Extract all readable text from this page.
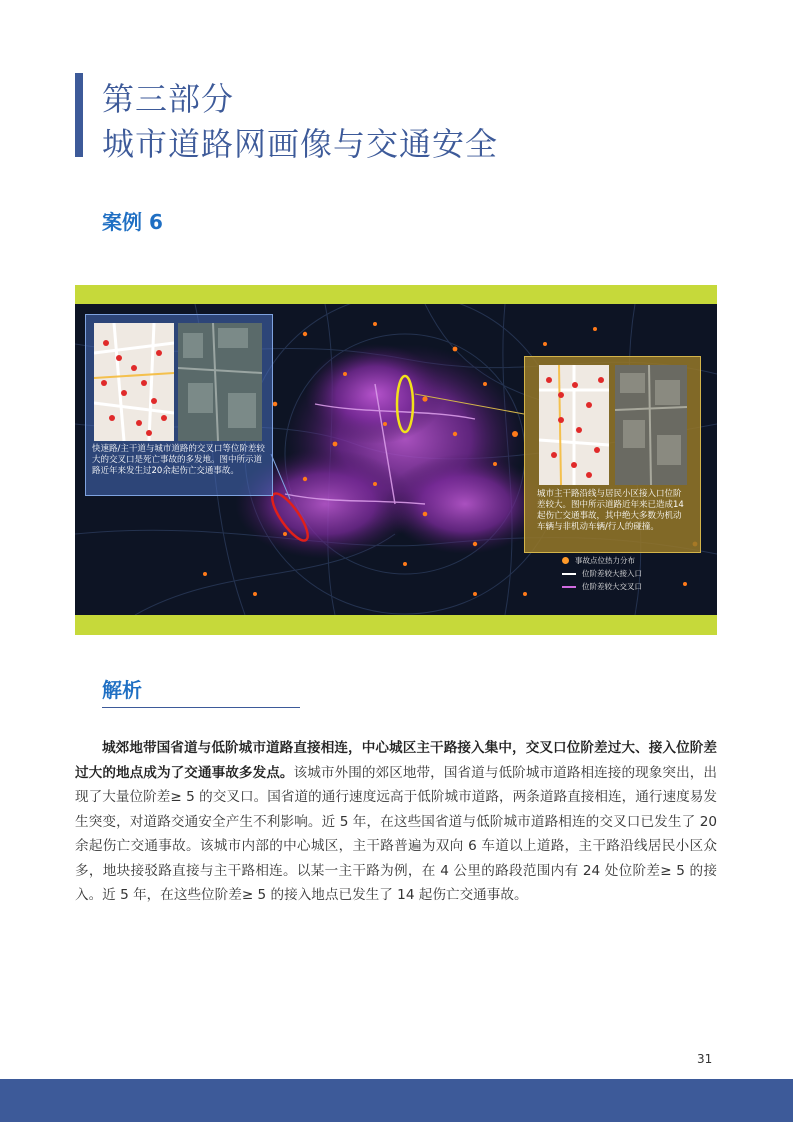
第三部分
城市道路网画像与交通安全
案例 6
快速路/主干道与城市道路的交叉口等位阶差较大的交叉口是死亡事故的多发地。图中所示道路近年来发生过20余起伤亡交通事故。
城市主干路沿线与居民小区接入口位阶差较大。图中所示道路近年来已造成14起伤亡交通事故，其中绝大多数为机动车辆与非机动车辆/行人的碰撞。
事故点位热力分布
位阶差较大接入口
位阶差较大交叉口
解析
城郊地带国省道与低阶城市道路直接相连，中心城区主干路接入集中，交叉口位阶差过大、接入位阶差过大的地点成为了交通事故多发点。该城市外围的郊区地带，国省道与低阶城市道路相连接的现象突出，出现了大量位阶差≥ 5 的交叉口。国省道的通行速度远高于低阶城市道路，两条道路直接相连，通行速度易发生突变，对道路交通安全产生不利影响。近 5 年，在这些国省道与低阶城市道路相连的交叉口已发生了 20 余起伤亡交通事故。该城市内部的中心城区，主干路普遍为双向 6 车道以上道路，主干路沿线居民小区众多，地块接驳路直接与主干路相连。以某一主干路为例，在 4 公里的路段范围内有 24 处位阶差≥ 5 的接入。近 5 年，在这些位阶差≥ 5 的接入地点已发生了 14 起伤亡交通事故。
31
